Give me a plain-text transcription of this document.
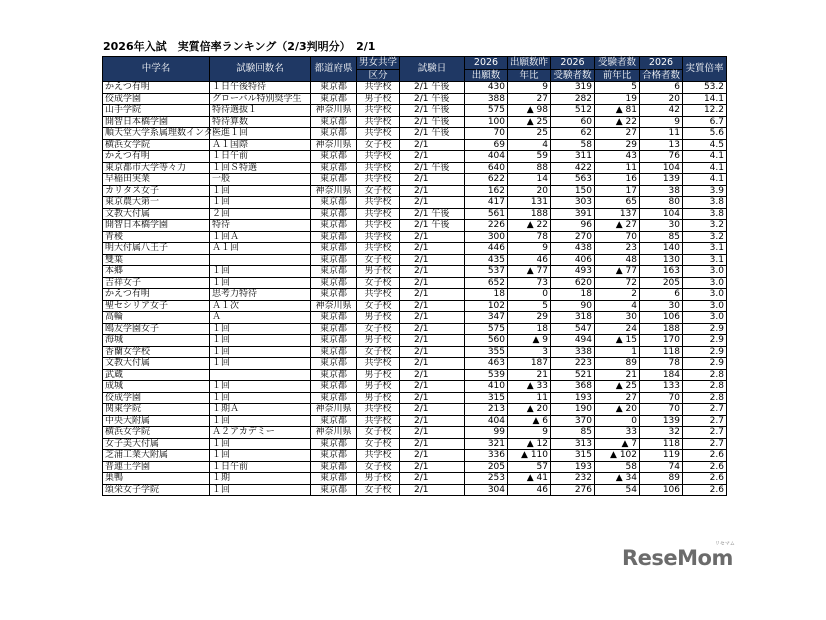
2026年入試　実質倍率ランキング（2/3判明分）　2/1
中学名	試験回数名	都道府県	男女共学	試験日	2026	出願数昨	2026	受験者数	2026	実質倍率
			区分		出願数	年比	受験者数	前年比	合格者数	
かえつ有明	１日午後特待	東京都	共学校	2/1 午後	430	9	319	5	6	53.2
佼成学園	グローバル特別奨学生	東京都	男子校	2/1 午後	388	27	282	19	20	14.1
山手学院	特待選抜１	神奈川県	共学校	2/1 午後	575	▲ 98	512	▲ 81	42	12.2
開智日本橋学園	特待算数	東京都	共学校	2/1 午後	100	▲ 25	60	▲ 22	9	6.7
順天堂大学系属理数インター	医進１回	東京都	共学校	2/1 午後	70	25	62	27	11	5.6
横浜女学院	Ａ１国際	神奈川県	女子校	2/1	69	4	58	29	13	4.5
かえつ有明	１日午前	東京都	共学校	2/1	404	59	311	43	76	4.1
東京都市大学等々力	１回Ｓ特選	東京都	共学校	2/1 午後	640	88	422	11	104	4.1
早稲田実業	一般	東京都	共学校	2/1	622	14	563	16	139	4.1
カリタス女子	１回	神奈川県	女子校	2/1	162	20	150	17	38	3.9
東京農大第一	１回	東京都	共学校	2/1	417	131	303	65	80	3.8
文教大付属	２回	東京都	共学校	2/1 午後	561	188	391	137	104	3.8
開智日本橋学園	特待	東京都	共学校	2/1 午後	226	▲ 22	96	▲ 27	30	3.2
青稜	１回Ａ	東京都	共学校	2/1	300	78	270	70	85	3.2
明大付属八王子	Ａ１回	東京都	共学校	2/1	446	9	438	23	140	3.1
雙葉		東京都	女子校	2/1	435	46	406	48	130	3.1
本郷	１回	東京都	男子校	2/1	537	▲ 77	493	▲ 77	163	3.0
吉祥女子	１回	東京都	女子校	2/1	652	73	620	72	205	3.0
かえつ有明	思考力特待	東京都	共学校	2/1	18	0	18	2	6	3.0
聖セシリア女子	Ａ１次	神奈川県	女子校	2/1	102	5	90	4	30	3.0
高輪	Ａ	東京都	男子校	2/1	347	29	318	30	106	3.0
鴎友学園女子	１回	東京都	女子校	2/1	575	18	547	24	188	2.9
海城	１回	東京都	男子校	2/1	560	▲ 9	494	▲ 15	170	2.9
香蘭女学校	１回	東京都	女子校	2/1	355	3	338	1	118	2.9
文教大付属	１回	東京都	共学校	2/1	463	187	223	89	78	2.9
武蔵		東京都	男子校	2/1	539	21	521	21	184	2.8
成城	１回	東京都	男子校	2/1	410	▲ 33	368	▲ 25	133	2.8
佼成学園	１回	東京都	男子校	2/1	315	11	193	27	70	2.8
関東学院	１期Ａ	神奈川県	共学校	2/1	213	▲ 20	190	▲ 20	70	2.7
中央大附属	１回	東京都	共学校	2/1	404	▲ 6	370	0	139	2.7
横浜女学院	Ａ２アカデミー	神奈川県	女子校	2/1	99	9	85	33	32	2.7
女子美大付属	１回	東京都	女子校	2/1	321	▲ 12	313	▲ 7	118	2.7
芝浦工業大附属	１回	東京都	共学校	2/1	336	▲ 110	315	▲ 102	119	2.6
普連土学園	１日午前	東京都	女子校	2/1	205	57	193	58	74	2.6
巣鴨	１期	東京都	男子校	2/1	253	▲ 41	232	▲ 34	89	2.6
頌栄女子学院	１回	東京都	女子校	2/1	304	46	276	54	106	2.6
ReseMom
リセマム
